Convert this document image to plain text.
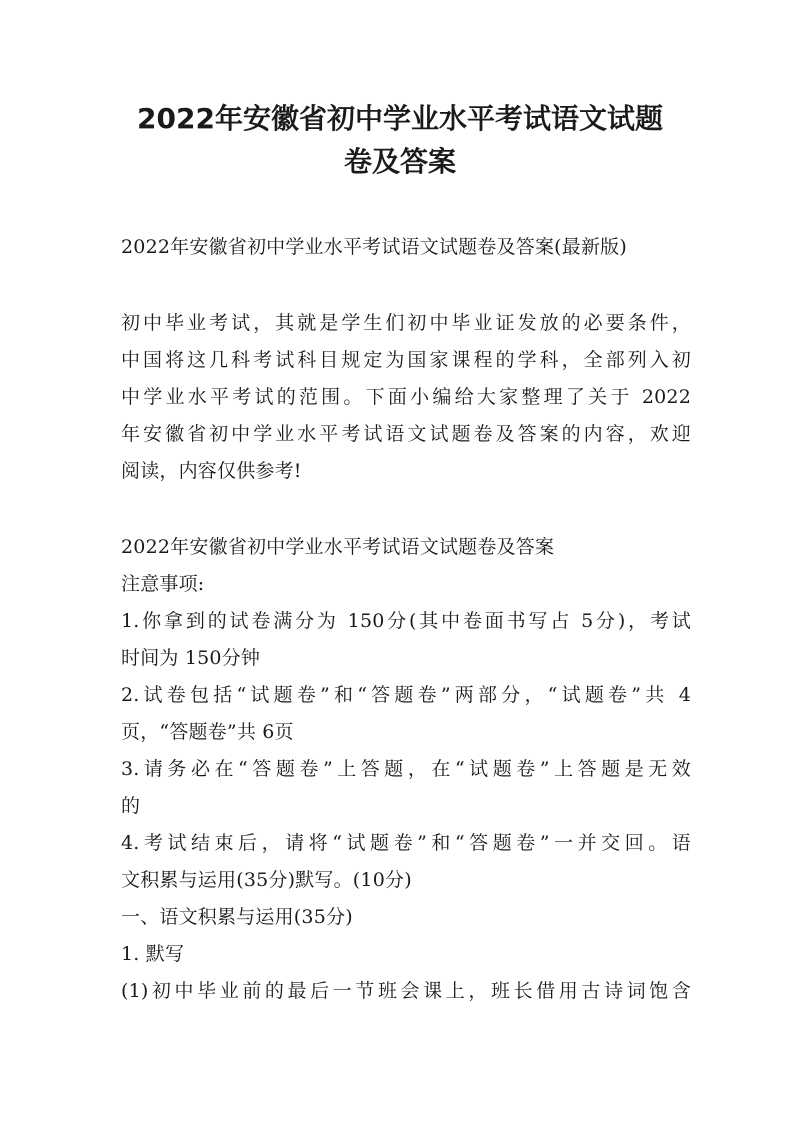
2022年安徽省初中学业水平考试语文试题
卷及答案
2022年安徽省初中学业水平考试语文试题卷及答案(最新版)
初中毕业考试，其就是学生们初中毕业证发放的必要条件，
中国将这几科考试科目规定为国家课程的学科，全部列入初
中学业水平考试的范围。下面小编给大家整理了关于 2022
年安徽省初中学业水平考试语文试题卷及答案的内容，欢迎
阅读，内容仅供参考!
2022年安徽省初中学业水平考试语文试题卷及答案
注意事项:
1.你拿到的试卷满分为 150分(其中卷面书写占 5分)，考试
时间为 150分钟
2.试卷包括“试题卷”和“答题卷”两部分，“试题卷”共 4
页，“答题卷”共 6页
3.请务必在“答题卷”上答题，在“试题卷”上答题是无效
的
4.考试结束后，请将“试题卷”和“答题卷”一并交回。语
文积累与运用(35分)默写。(10分)
一、语文积累与运用(35分)
1. 默写
(1)初中毕业前的最后一节班会课上，班长借用古诗词饱含
